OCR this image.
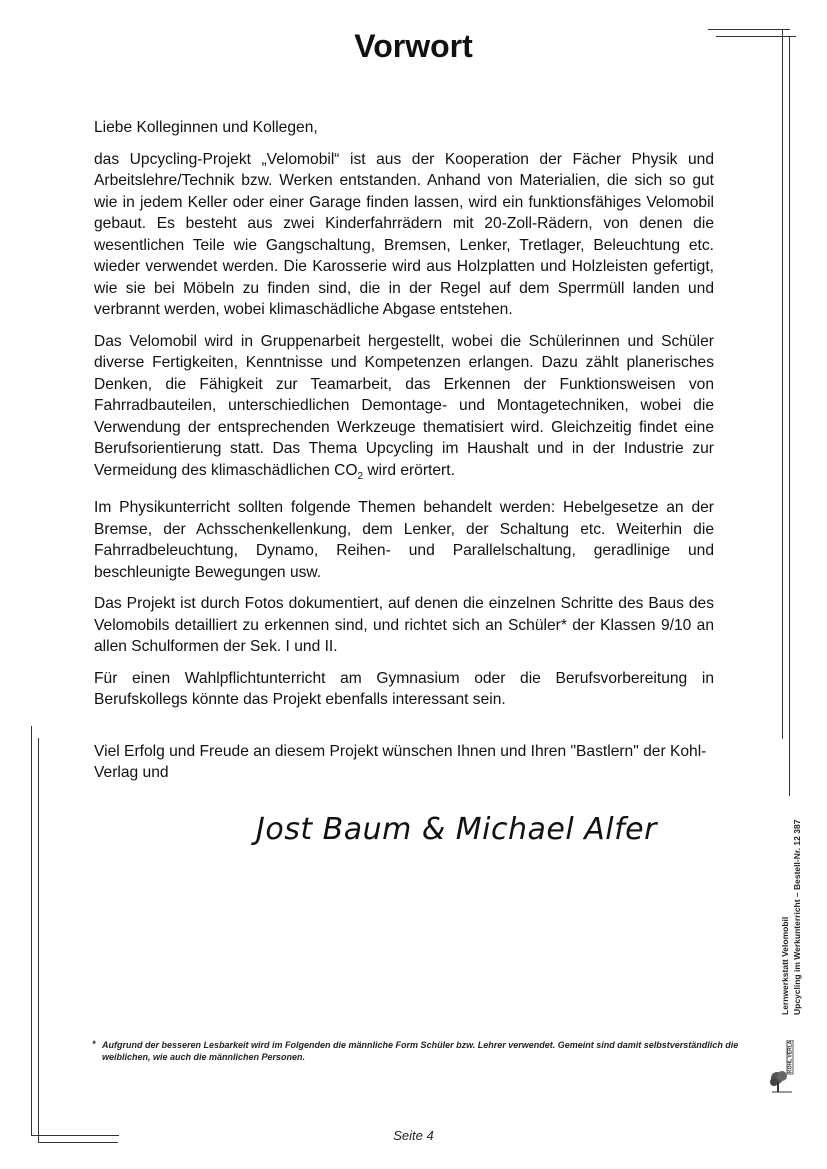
Vorwort

Liebe Kolleginnen und Kollegen,

das Upcycling-Projekt „Velomobil“ ist aus der Kooperation der Fächer Physik und Arbeitslehre/Technik bzw. Werken entstanden. Anhand von Materialien, die sich so gut wie in jedem Keller oder einer Garage finden lassen, wird ein funktionsfähiges Velomobil gebaut. Es besteht aus zwei Kinderfahrrädern mit 20-Zoll-Rädern, von denen die wesentlichen Teile wie Gangschaltung, Bremsen, Lenker, Tretlager, Beleuchtung etc. wieder verwendet werden. Die Karosserie wird aus Holzplatten und Holzleisten gefertigt, wie sie bei Möbeln zu finden sind, die in der Regel auf dem Sperrmüll landen und verbrannt werden, wobei klimaschädliche Abgase entstehen.

Das Velomobil wird in Gruppenarbeit hergestellt, wobei die Schülerinnen und Schüler diverse Fertigkeiten, Kenntnisse und Kompetenzen erlangen. Dazu zählt planerisches Denken, die Fähigkeit zur Teamarbeit, das Erkennen der Funktionsweisen von Fahrradbauteilen, unterschiedlichen Demontage- und Montagetechniken, wobei die Verwendung der entsprechenden Werkzeuge thematisiert wird. Gleichzeitig findet eine Berufsorientierung statt. Das Thema Upcycling im Haushalt und in der Industrie zur Vermeidung des klimaschädlichen $CO_2$ wird erörtert.

Im Physikunterricht sollten folgende Themen behandelt werden: Hebelgesetze an der Bremse, der Achsschenkellenkung, dem Lenker, der Schaltung etc. Weiterhin die Fahrradbeleuchtung, Dynamo, Reihen- und Parallelschaltung, geradlinige und beschleunigte Bewegungen usw.

Das Projekt ist durch Fotos dokumentiert, auf denen die einzelnen Schritte des Baus des Velomobils detailliert zu erkennen sind, und richtet sich an Schüler* der Klassen 9/10 an allen Schulformen der Sek. I und II.

Für einen Wahlpflichtunterricht am Gymnasium oder die Berufsvorbereitung in Berufskollegs könnte das Projekt ebenfalls interessant sein.

Viel Erfolg und Freude an diesem Projekt wünschen Ihnen und Ihren "Bastlern" der Kohl-Verlag und

Jost Baum & Michael Alfer
* Aufgrund der besseren Lesbarkeit wird im Folgenden die männliche Form Schüler bzw. Lehrer verwendet. Gemeint sind damit selbstverständlich die weiblichen, wie auch die männlichen Personen.
Seite 4
Lernwerkstatt Velomobil Upcycling im Werkunterricht – Bestell-Nr. 12 387
KOHL VERLAG
